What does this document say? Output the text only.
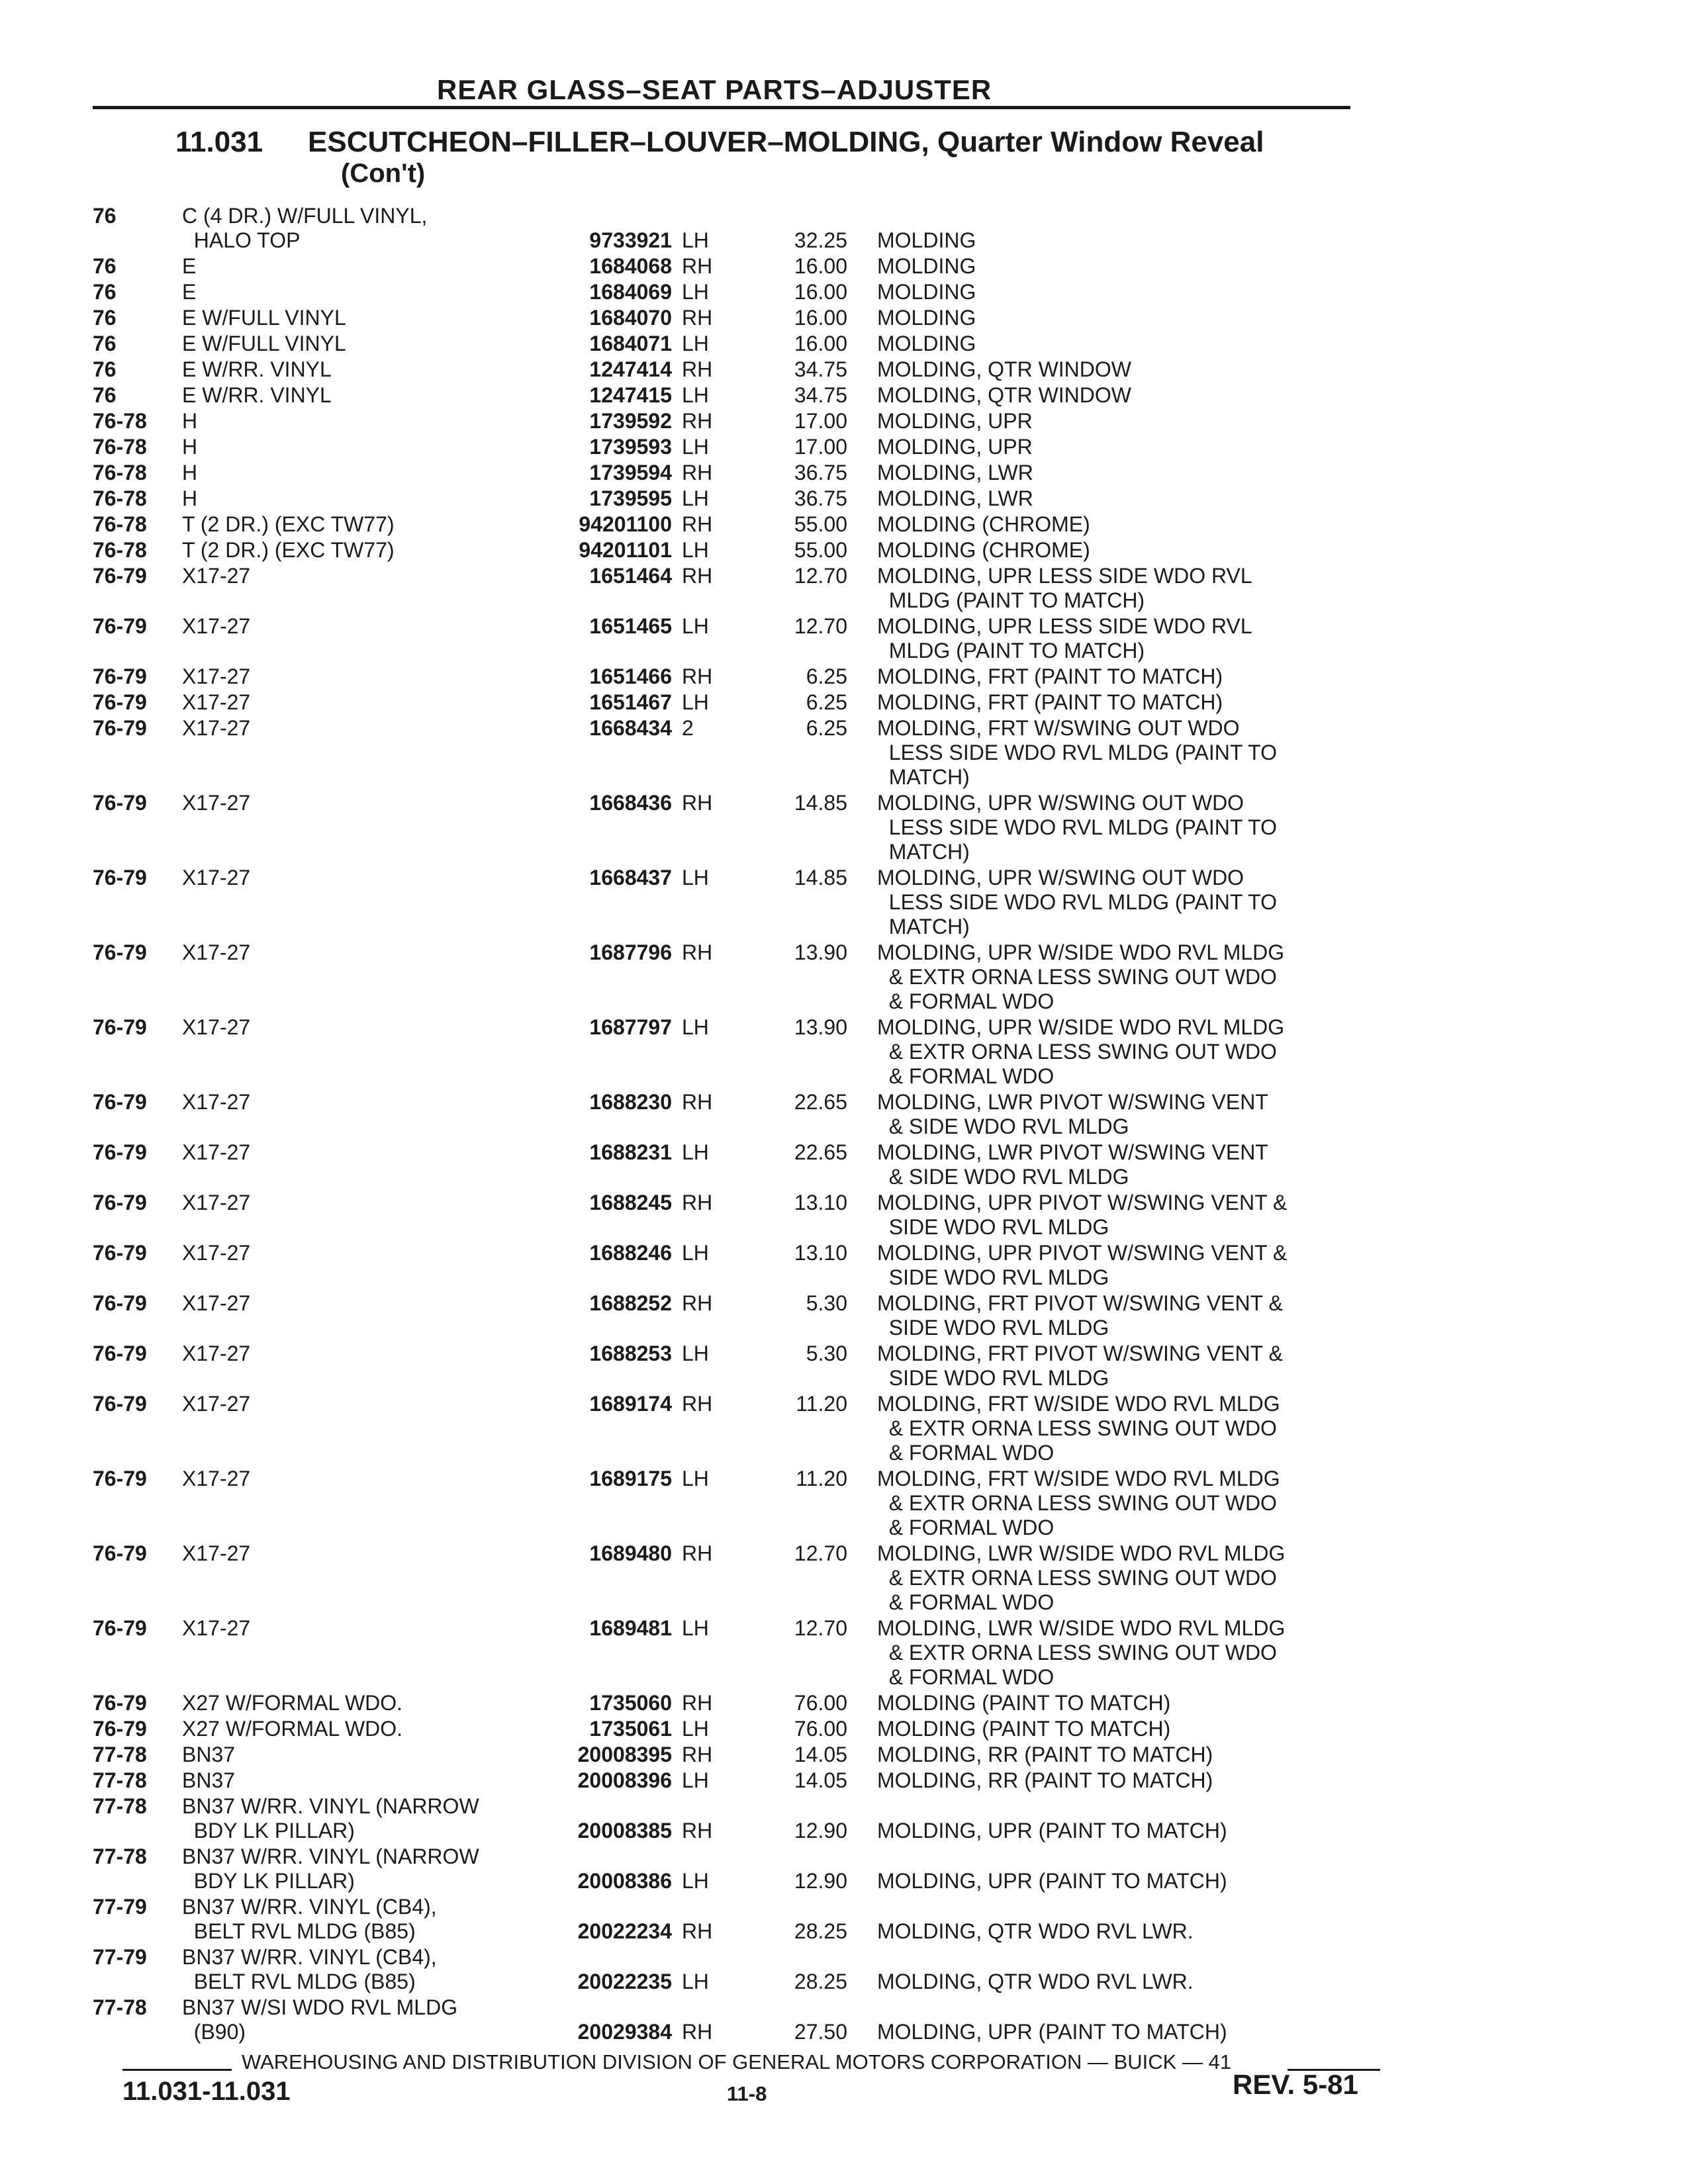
REAR GLASS–SEAT PARTS–ADJUSTER
11.031 ESCUTCHEON–FILLER–LOUVER–MOLDING, Quarter Window Reveal
(Con't)
76	C (4 DR.) W/FULL VINYL,
HALO TOP	9733921 LH	32.25 MOLDING
76	E	1684068 RH	16.00 MOLDING
76	E	1684069 LH	16.00 MOLDING
76	E W/FULL VINYL	1684070 RH	16.00 MOLDING
76	E W/FULL VINYL	1684071 LH	16.00 MOLDING
76	E W/RR. VINYL	1247414 RH	34.75 MOLDING, QTR WINDOW
76	E W/RR. VINYL	1247415 LH	34.75 MOLDING, QTR WINDOW
76-78	H	1739592 RH	17.00 MOLDING, UPR
76-78	H	1739593 LH	17.00 MOLDING, UPR
76-78	H	1739594 RH	36.75 MOLDING, LWR
76-78	H	1739595 LH	36.75 MOLDING, LWR
76-78	T (2 DR.) (EXC TW77)	94201100 RH	55.00 MOLDING (CHROME)
76-78	T (2 DR.) (EXC TW77)	94201101 LH	55.00 MOLDING (CHROME)
76-79	X17-27	1651464 RH	12.70 MOLDING, UPR LESS SIDE WDO RVL
MLDG (PAINT TO MATCH)
76-79	X17-27	1651465 LH	12.70 MOLDING, UPR LESS SIDE WDO RVL
MLDG (PAINT TO MATCH)
76-79	X17-27	1651466 RH	6.25 MOLDING, FRT (PAINT TO MATCH)
76-79	X17-27	1651467 LH	6.25 MOLDING, FRT (PAINT TO MATCH)
76-79	X17-27	1668434 2	6.25 MOLDING, FRT W/SWING OUT WDO
LESS SIDE WDO RVL MLDG (PAINT TO
MATCH)
76-79	X17-27	1668436 RH	14.85 MOLDING, UPR W/SWING OUT WDO
LESS SIDE WDO RVL MLDG (PAINT TO
MATCH)
76-79	X17-27	1668437 LH	14.85 MOLDING, UPR W/SWING OUT WDO
LESS SIDE WDO RVL MLDG (PAINT TO
MATCH)
76-79	X17-27	1687796 RH	13.90 MOLDING, UPR W/SIDE WDO RVL MLDG
& EXTR ORNA LESS SWING OUT WDO
& FORMAL WDO
76-79	X17-27	1687797 LH	13.90 MOLDING, UPR W/SIDE WDO RVL MLDG
& EXTR ORNA LESS SWING OUT WDO
& FORMAL WDO
76-79	X17-27	1688230 RH	22.65 MOLDING, LWR PIVOT W/SWING VENT
& SIDE WDO RVL MLDG
76-79	X17-27	1688231 LH	22.65 MOLDING, LWR PIVOT W/SWING VENT
& SIDE WDO RVL MLDG
76-79	X17-27	1688245 RH	13.10 MOLDING, UPR PIVOT W/SWING VENT &
SIDE WDO RVL MLDG
76-79	X17-27	1688246 LH	13.10 MOLDING, UPR PIVOT W/SWING VENT &
SIDE WDO RVL MLDG
76-79	X17-27	1688252 RH	5.30 MOLDING, FRT PIVOT W/SWING VENT &
SIDE WDO RVL MLDG
76-79	X17-27	1688253 LH	5.30 MOLDING, FRT PIVOT W/SWING VENT &
SIDE WDO RVL MLDG
76-79	X17-27	1689174 RH	11.20 MOLDING, FRT W/SIDE WDO RVL MLDG
& EXTR ORNA LESS SWING OUT WDO
& FORMAL WDO
76-79	X17-27	1689175 LH	11.20 MOLDING, FRT W/SIDE WDO RVL MLDG
& EXTR ORNA LESS SWING OUT WDO
& FORMAL WDO
76-79	X17-27	1689480 RH	12.70 MOLDING, LWR W/SIDE WDO RVL MLDG
& EXTR ORNA LESS SWING OUT WDO
& FORMAL WDO
76-79	X17-27	1689481 LH	12.70 MOLDING, LWR W/SIDE WDO RVL MLDG
& EXTR ORNA LESS SWING OUT WDO
& FORMAL WDO
76-79	X27 W/FORMAL WDO.	1735060 RH	76.00 MOLDING (PAINT TO MATCH)
76-79	X27 W/FORMAL WDO.	1735061 LH	76.00 MOLDING (PAINT TO MATCH)
77-78	BN37	20008395 RH	14.05 MOLDING, RR (PAINT TO MATCH)
77-78	BN37	20008396 LH	14.05 MOLDING, RR (PAINT TO MATCH)
77-78	BN37 W/RR. VINYL (NARROW
BDY LK PILLAR)	20008385 RH	12.90 MOLDING, UPR (PAINT TO MATCH)
77-78	BN37 W/RR. VINYL (NARROW
BDY LK PILLAR)	20008386 LH	12.90 MOLDING, UPR (PAINT TO MATCH)
77-79	BN37 W/RR. VINYL (CB4),
BELT RVL MLDG (B85)	20022234 RH	28.25 MOLDING, QTR WDO RVL LWR.
77-79	BN37 W/RR. VINYL (CB4),
BELT RVL MLDG (B85)	20022235 LH	28.25 MOLDING, QTR WDO RVL LWR.
77-78	BN37 W/SI WDO RVL MLDG
(B90)	20029384 RH	27.50 MOLDING, UPR (PAINT TO MATCH)
WAREHOUSING AND DISTRIBUTION DIVISION OF GENERAL MOTORS CORPORATION — BUICK — 41
11.031-11.031	11-8	REV. 5-81
